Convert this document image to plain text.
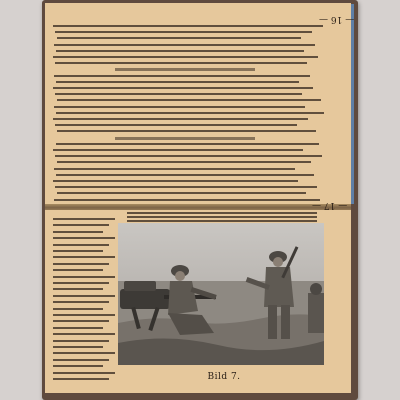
— 16 —
— 17 —
Bild 7.
